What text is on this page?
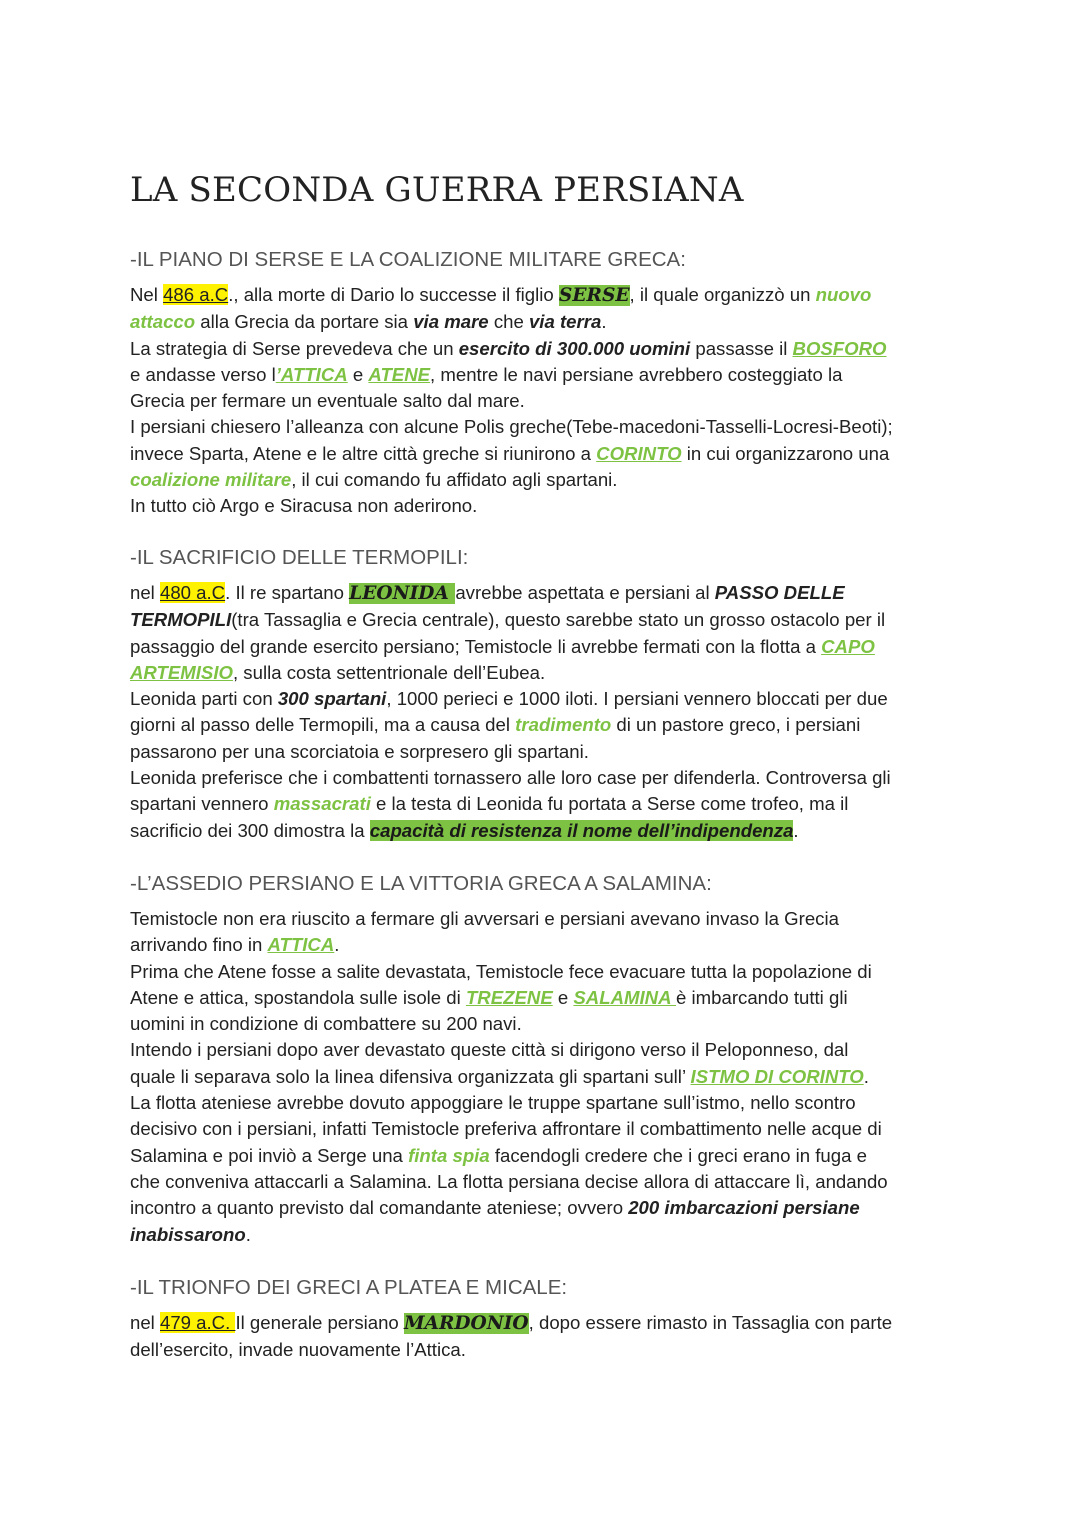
LA SECONDA GUERRA PERSIANA
-IL PIANO DI SERSE E LA COALIZIONE MILITARE GRECA:
Nel 486 a.C., alla morte di Dario lo successe il figlio SERSE, il quale organizzò un nuovo
attacco alla Grecia da portare sia via mare che via terra.
La strategia di Serse prevedeva che un esercito di 300.000 uomini passasse il BOSFORO
e andasse verso l’ATTICA e ATENE, mentre le navi persiane avrebbero costeggiato la
Grecia per fermare un eventuale salto dal mare.
I persiani chiesero l’alleanza con alcune Polis greche(Tebe-macedoni-Tasselli-Locresi-Beoti);
invece Sparta, Atene e le altre città greche si riunirono a CORINTO in cui organizzarono una
coalizione militare, il cui comando fu affidato agli spartani.
In tutto ciò Argo e Siracusa non aderirono.
-IL SACRIFICIO DELLE TERMOPILI:
nel 480 a.C. Il re spartano LEONIDA avrebbe aspettata e persiani al PASSO DELLE
TERMOPILI(tra Tassaglia e Grecia centrale), questo sarebbe stato un grosso ostacolo per il
passaggio del grande esercito persiano; Temistocle li avrebbe fermati con la flotta a CAPO
ARTEMISIO, sulla costa settentrionale dell’Eubea.
Leonida parti con 300 spartani, 1000 perieci e 1000 iloti. I persiani vennero bloccati per due
giorni al passo delle Termopili, ma a causa del tradimento di un pastore greco, i persiani
passarono per una scorciatoia e sorpresero gli spartani.
Leonida preferisce che i combattenti tornassero alle loro case per difenderla. Controversa gli
spartani vennero massacrati e la testa di Leonida fu portata a Serse come trofeo, ma il
sacrificio dei 300 dimostra la capacità di resistenza il nome dell’indipendenza.
-L’ASSEDIO PERSIANO E LA VITTORIA GRECA A SALAMINA:
Temistocle non era riuscito a fermare gli avversari e persiani avevano invaso la Grecia
arrivando fino in ATTICA.
Prima che Atene fosse a salite devastata, Temistocle fece evacuare tutta la popolazione di
Atene e attica, spostandola sulle isole di TREZENE e SALAMINA è imbarcando tutti gli
uomini in condizione di combattere su 200 navi.
Intendo i persiani dopo aver devastato queste città si dirigono verso il Peloponneso, dal
quale li separava solo la linea difensiva organizzata gli spartani sull’ ISTMO DI CORINTO.
La flotta ateniese avrebbe dovuto appoggiare le truppe spartane sull’istmo, nello scontro
decisivo con i persiani, infatti Temistocle preferiva affrontare il combattimento nelle acque di
Salamina e poi inviò a Serge una finta spia facendogli credere che i greci erano in fuga e
che conveniva attaccarli a Salamina. La flotta persiana decise allora di attaccare lì, andando
incontro a quanto previsto dal comandante ateniese; ovvero 200 imbarcazioni persiane
inabissarono.
-IL TRIONFO DEI GRECI A PLATEA E MICALE:
nel 479 a.C. Il generale persiano MARDONIO, dopo essere rimasto in Tassaglia con parte
dell’esercito, invade nuovamente l’Attica.
